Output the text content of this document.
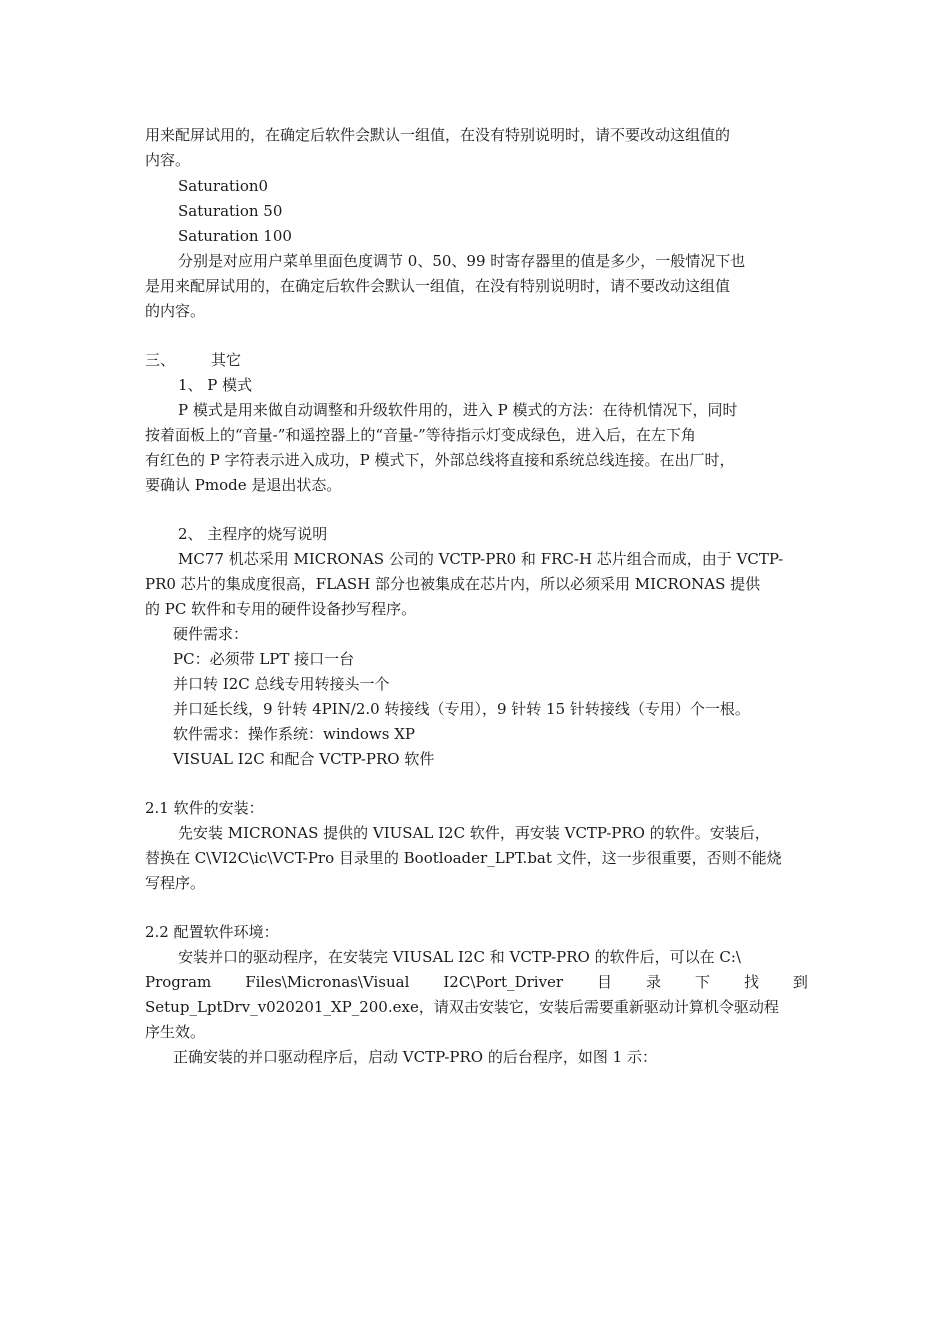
用来配屏试用的，在确定后软件会默认一组值，在没有特别说明时，请不要改动这组值的
内容。
Saturation0
Saturation 50
Saturation 100
分别是对应用户菜单里面色度调节 0、50、99 时寄存器里的值是多少，一般情况下也
是用来配屏试用的，在确定后软件会默认一组值，在没有特别说明时，请不要改动这组值
的内容。
三、 其它
1、 P 模式
P 模式是用来做自动调整和升级软件用的，进入 P 模式的方法：在待机情况下，同时
按着面板上的“音量-”和遥控器上的“音量-”等待指示灯变成绿色，进入后，在左下角
有红色的 P 字符表示进入成功，P 模式下，外部总线将直接和系统总线连接。在出厂时，
要确认 Pmode 是退出状态。
2、 主程序的烧写说明
MC77 机芯采用 MICRONAS 公司的 VCTP-PR0 和 FRC-H 芯片组合而成，由于 VCTP-
PR0 芯片的集成度很高，FLASH 部分也被集成在芯片内，所以必须采用 MICRONAS 提供
的 PC 软件和专用的硬件设备抄写程序。
硬件需求：
PC：必须带 LPT 接口一台
并口转 I2C 总线专用转接头一个
并口延长线，9 针转 4PIN/2.0 转接线（专用），9 针转 15 针转接线（专用）个一根。
软件需求：操作系统：windows XP
VISUAL I2C 和配合 VCTP-PRO 软件
2.1 软件的安装：
先安装 MICRONAS 提供的 VIUSAL I2C 软件，再安装 VCTP-PRO 的软件。安装后，
替换在 C\VI2C\ic\VCT-Pro 目录里的 Bootloader_LPT.bat 文件，这一步很重要，否则不能烧
写程序。
2.2 配置软件环境：
安装并口的驱动程序，在安装完 VIUSAL I2C 和 VCTP-PRO 的软件后，可以在 C:\
Program Files\Micronas\Visual I2C\Port_Driver 目 录 下 找 到
Setup_LptDrv_v020201_XP_200.exe，请双击安装它，安装后需要重新驱动计算机令驱动程
序生效。
正确安装的并口驱动程序后，启动 VCTP-PRO 的后台程序，如图 1 示：
